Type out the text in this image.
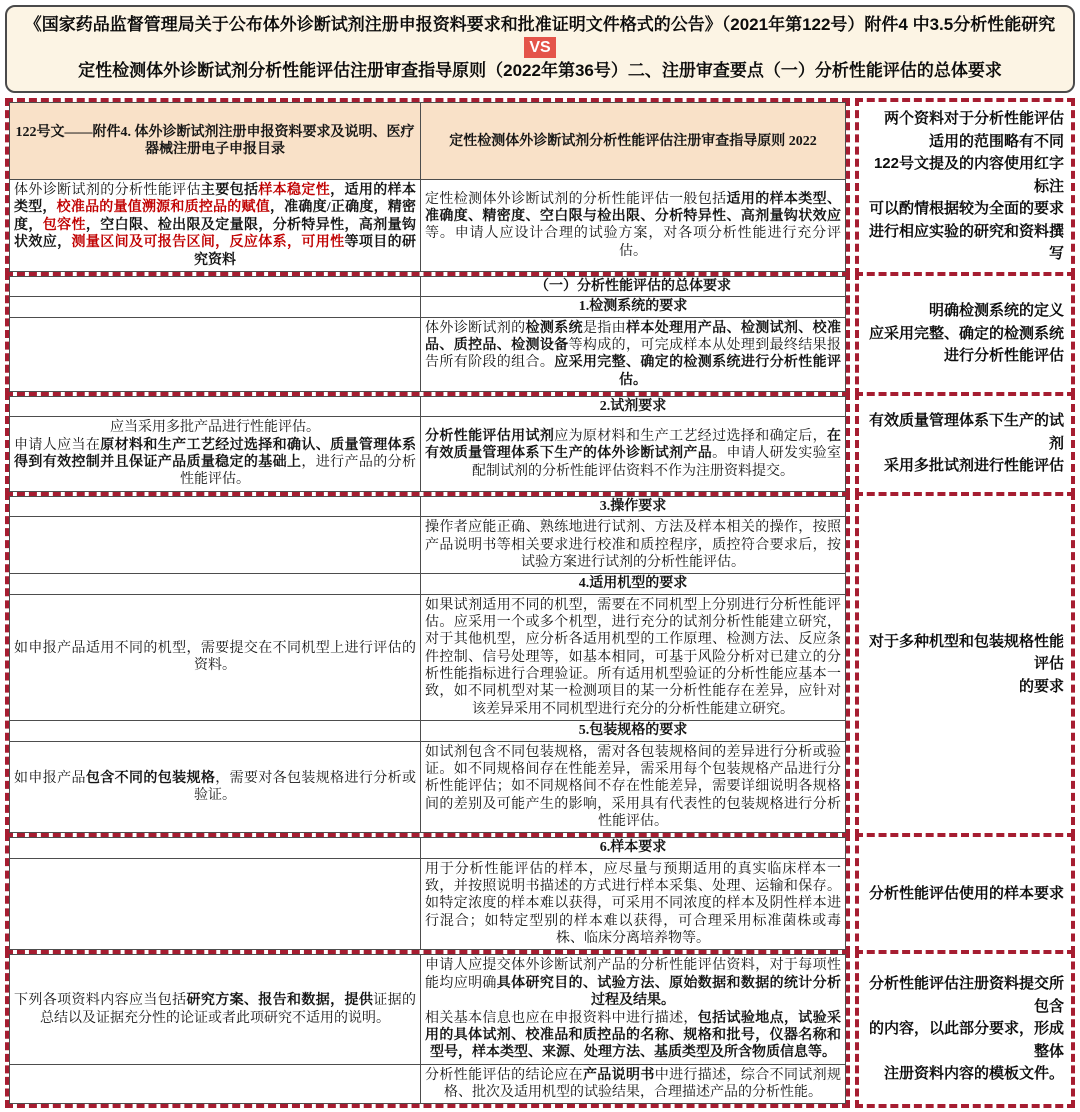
《国家药品监督管理局关于公布体外诊断试剂注册申报资料要求和批准证明文件格式的公告》（2021年第122号）附件4 中3.5分析性能研究
VS
定性检测体外诊断试剂分析性能评估注册审查指导原则（2022年第36号）二、注册审查要点（一）分析性能评估的总体要求
122号文——附件4. 体外诊断试剂注册申报资料要求及说明、医疗器械注册电子申报目录
定性检测体外诊断试剂分析性能评估注册审查指导原则 2022
体外诊断试剂的分析性能评估主要包括样本稳定性，适用的样本类型，校准品的量值溯源和质控品的赋值，准确度/正确度，精密度，包容性，空白限、检出限及定量限，分析特异性，高剂量钩状效应，测量区间及可报告区间，反应体系，可用性等项目的研究资料
定性检测体外诊断试剂的分析性能评估一般包括适用的样本类型、准确度、精密度、空白限与检出限、分析特异性、高剂量钩状效应等。申请人应设计合理的试验方案，对各项分析性能进行充分评估。
两个资料对于分析性能评估
适用的范围略有不同
122号文提及的内容使用红字标注
可以酌情根据较为全面的要求
进行相应实验的研究和资料撰写
（一）分析性能评估的总体要求
1.检测系统的要求
体外诊断试剂的检测系统是指由样本处理用产品、检测试剂、校准品、质控品、检测设备等构成的，可完成样本从处理到最终结果报告所有阶段的组合。应采用完整、确定的检测系统进行分析性能评估。
明确检测系统的定义
应采用完整、确定的检测系统
进行分析性能评估
2.试剂要求
应当采用多批产品进行性能评估。
申请人应当在原材料和生产工艺经过选择和确认、质量管理体系得到有效控制并且保证产品质量稳定的基础上，进行产品的分析性能评估。
分析性能评估用试剂应为原材料和生产工艺经过选择和确定后，在有效质量管理体系下生产的体外诊断试剂产品。申请人研发实验室配制试剂的分析性能评估资料不作为注册资料提交。
有效质量管理体系下生产的试剂
采用多批试剂进行性能评估
3.操作要求
操作者应能正确、熟练地进行试剂、方法及样本相关的操作，按照产品说明书等相关要求进行校准和质控程序，质控符合要求后，按试验方案进行试剂的分析性能评估。
4.适用机型的要求
如申报产品适用不同的机型，需要提交在不同机型上进行评估的资料。
如果试剂适用不同的机型，需要在不同机型上分别进行分析性能评估。应采用一个或多个机型，进行充分的试剂分析性能建立研究，对于其他机型，应分析各适用机型的工作原理、检测方法、反应条件控制、信号处理等，如基本相同，可基于风险分析对已建立的分析性能指标进行合理验证。所有适用机型验证的分析性能应基本一致，如不同机型对某一检测项目的某一分析性能存在差异，应针对该差异采用不同机型进行充分的分析性能建立研究。
5.包装规格的要求
如申报产品包含不同的包装规格，需要对各包装规格进行分析或验证。
如试剂包含不同包装规格，需对各包装规格间的差异进行分析或验证。如不同规格间存在性能差异，需采用每个包装规格产品进行分析性能评估；如不同规格间不存在性能差异，需要详细说明各规格间的差别及可能产生的影响，采用具有代表性的包装规格进行分析性能评估。
对于多种机型和包装规格性能评估
的要求
6.样本要求
用于分析性能评估的样本，应尽量与预期适用的真实临床样本一致，并按照说明书描述的方式进行样本采集、处理、运输和保存。如特定浓度的样本难以获得，可采用不同浓度的样本及阴性样本进行混合；如特定型别的样本难以获得，可合理采用标准菌株或毒株、临床分离培养物等。
分析性能评估使用的样本要求
下列各项资料内容应当包括研究方案、报告和数据，提供证据的总结以及证据充分性的论证或者此项研究不适用的说明。
申请人应提交体外诊断试剂产品的分析性能评估资料，对于每项性能均应明确具体研究目的、试验方法、原始数据和数据的统计分析过程及结果。
相关基本信息也应在申报资料中进行描述，包括试验地点，试验采用的具体试剂、校准品和质控品的名称、规格和批号，仪器名称和型号，样本类型、来源、处理方法、基质类型及所含物质信息等。
分析性能评估的结论应在产品说明书中进行描述，综合不同试剂规格、批次及适用机型的试验结果，合理描述产品的分析性能。
分析性能评估注册资料提交所包含
的内容，以此部分要求，形成整体
注册资料内容的模板文件。
